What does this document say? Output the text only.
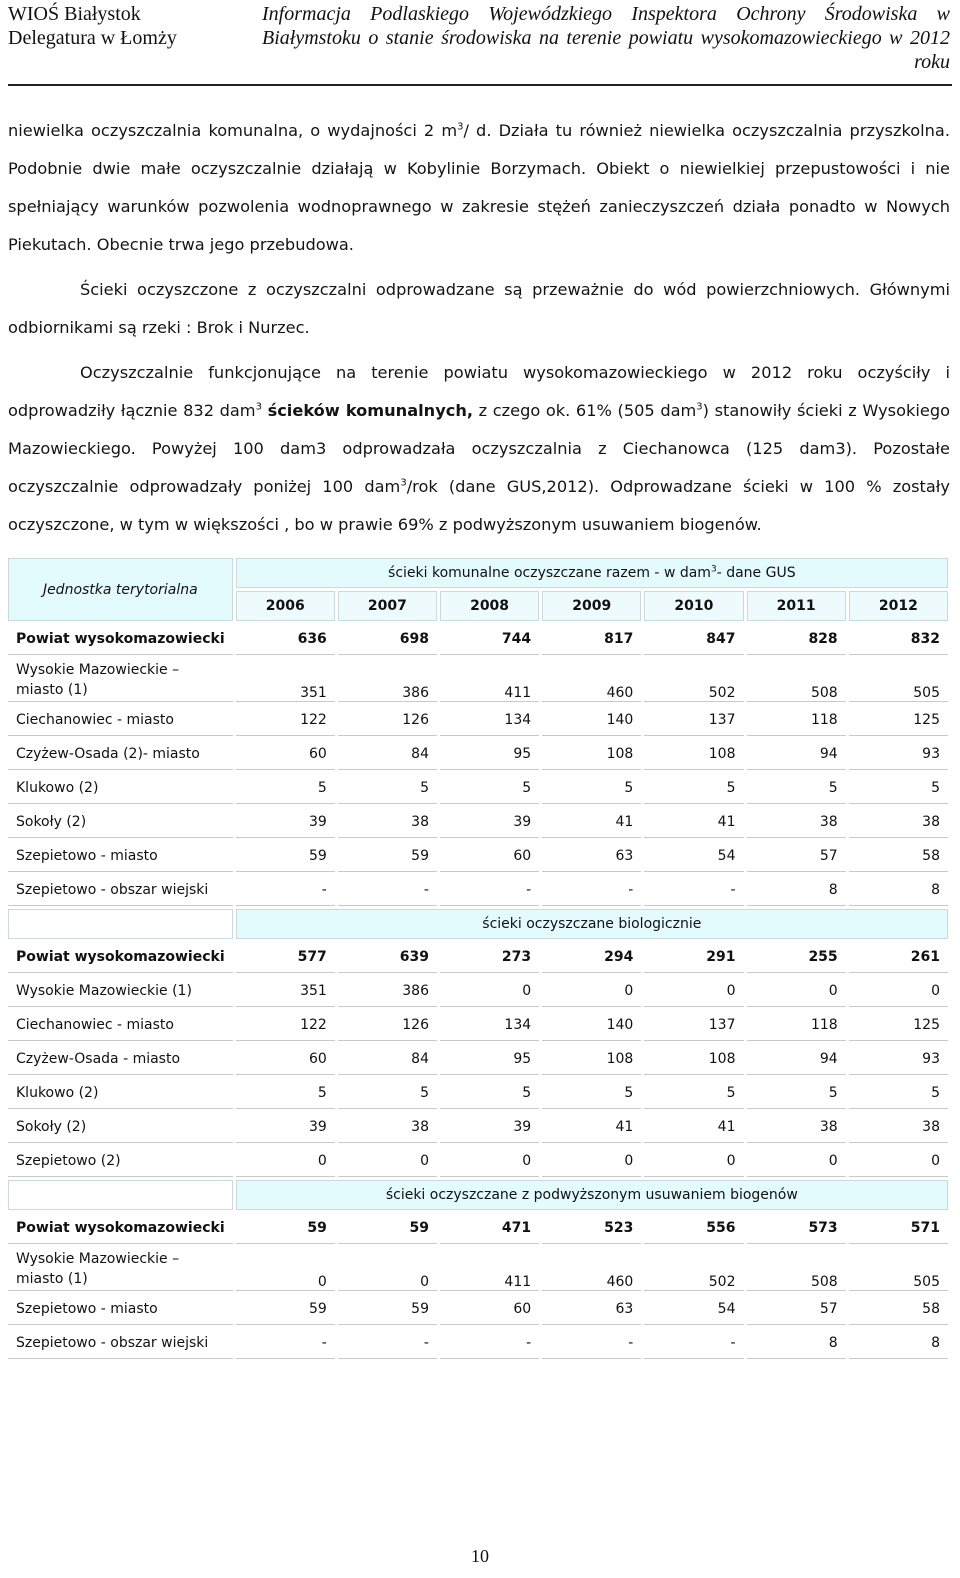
WIOŚ Białystok
Delegatura w Łomży
Informacja Podlaskiego Wojewódzkiego Inspektora Ochrony Środowiska w Białymstoku o stanie środowiska na terenie powiatu wysokomazowieckiego w 2012 roku
niewielka oczyszczalnia komunalna, o wydajności 2 $m^3/$ d. Działa tu również niewielka oczyszczalnia przyszkolna. Podobnie dwie małe oczyszczalnie działają w Kobylinie Borzymach. Obiekt o niewielkiej przepustowości i nie spełniający warunków pozwolenia wodnoprawnego w zakresie stężeń zanieczyszczeń działa ponadto w Nowych Piekutach. Obecnie trwa jego przebudowa.
Ścieki oczyszczone z oczyszczalni odprowadzane są przeważnie do wód powierzchniowych. Głównymi odbiornikami są rzeki : Brok i Nurzec.
Oczyszczalnie funkcjonujące na terenie powiatu wysokomazowieckiego w 2012 roku oczyściły i odprowadziły łącznie 832 dam$^3$ ścieków komunalnych, z czego ok. 61% (505 dam$^3$) stanowiły ścieki z Wysokiego Mazowieckiego. Powyżej 100 dam3 odprowadzała oczyszczalnia z Ciechanowca (125 dam3). Pozostałe oczyszczalnie odprowadzały poniżej 100 dam$^3$/rok (dane GUS,2012). Odprowadzane ścieki w 100 % zostały oczyszczone, w tym w większości , bo w prawie 69% z podwyższonym usuwaniem biogenów.
Jednostka terytorialna	ścieki komunalne oczyszczane razem - w dam$^3$- dane GUS						
	2006	2007	2008	2009	2010	2011	2012
Powiat wysokomazowiecki	636	698	744	817	847	828	832
Wysokie Mazowieckie – miasto (1)	351	386	411	460	502	508	505
Ciechanowiec - miasto	122	126	134	140	137	118	125
Czyżew-Osada (2)- miasto	60	84	95	108	108	94	93
Klukowo (2)	5	5	5	5	5	5	5
Sokoły (2)	39	38	39	41	41	38	38
Szepietowo - miasto	59	59	60	63	54	57	58
Szepietowo - obszar wiejski	-	-	-	-	-	8	8
	ścieki oczyszczane biologicznie						
Powiat wysokomazowiecki	577	639	273	294	291	255	261
Wysokie Mazowieckie (1)	351	386	0	0	0	0	0
Ciechanowiec - miasto	122	126	134	140	137	118	125
Czyżew-Osada - miasto	60	84	95	108	108	94	93
Klukowo (2)	5	5	5	5	5	5	5
Sokoły (2)	39	38	39	41	41	38	38
Szepietowo (2)	0	0	0	0	0	0	0
	ścieki oczyszczane z podwyższonym usuwaniem biogenów						
Powiat wysokomazowiecki	59	59	471	523	556	573	571
Wysokie Mazowieckie – miasto (1)	0	0	411	460	502	508	505
Szepietowo - miasto	59	59	60	63	54	57	58
Szepietowo - obszar wiejski	-	-	-	-	-	8	8
10
